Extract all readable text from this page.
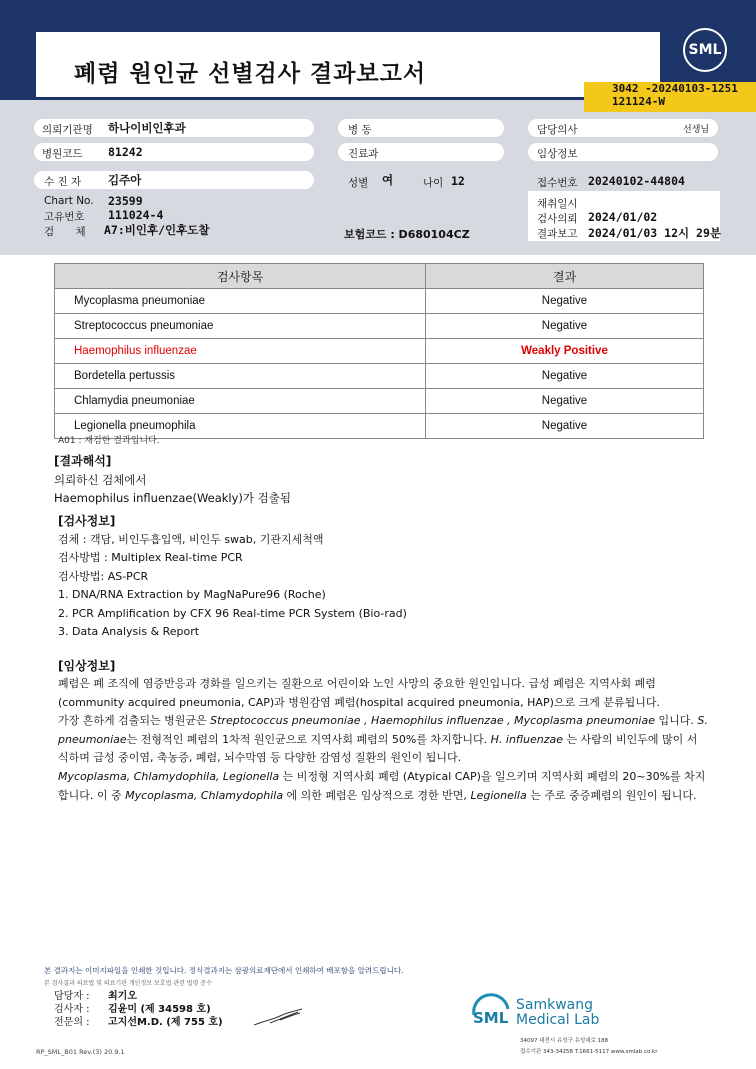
폐렴 원인균 선별검사 결과보고서
SML
3042 -20240103-1251
121124-W
의뢰기관명 하나이비인후과
병원코드 81242
수 진 자 김주아
Chart No. 23599
고유번호 111024-4
검 체 A7:비인후/인후도찰
병 동
진료과
성별 여	나이 12
보험코드 : D680104CZ
담당의사	선생님
임상정보
접수번호 20240102-44804
채취일시
검사의뢰 2024/01/02
결과보고 2024/01/03 12시 29분
검사항목	결과
Mycoplasma pneumoniae	Negative
Streptococcus pneumoniae	Negative
Haemophilus influenzae	Weakly Positive
Bordetella pertussis	Negative
Chlamydia pneumoniae	Negative
Legionella pneumophila	Negative
A01 : 재검한 결과입니다.
[결과해석]
의뢰하신 검체에서
Haemophilus influenzae(Weakly)가 검출됨
[검사정보]
검체 : 객담, 비인두흡입액, 비인두 swab, 기관지세척액
검사방법 : Multiplex Real-time PCR
검사방법: AS-PCR
1. DNA/RNA Extraction by MagNaPure96 (Roche)
2. PCR Amplification by CFX 96 Real-time PCR System (Bio-rad)
3. Data Analysis & Report
[임상정보]
폐렴은 폐 조직에 염증반응과 경화를 일으키는 질환으로 어린이와 노인 사망의 중요한 원인입니다. 급성 폐렴은 지역사회 폐렴 (community acquired pneumonia, CAP)과 병원감염 폐렴(hospital acquired pneumonia, HAP)으로 크게 분류됩니다.
가장 흔하게 검출되는 병원균은 Streptococcus pneumoniae , Haemophilus influenzae , Mycoplasma pneumoniae 입니다. S. pneumoniae는 전형적인 폐렴의 1차적 원인균으로 지역사회 폐렴의 50%를 차지합니다. H. influenzae 는 사람의 비인두에 많이 서식하며 급성 중이염, 축농증, 폐렴, 뇌수막염 등 다양한 감염성 질환의 원인이 됩니다.
Mycoplasma, Chlamydophila, Legionella 는 비정형 지역사회 폐렴 (Atypical CAP)을 일으키며 지역사회 폐렴의 20~30%를 차지합니다. 이 중 Mycoplasma, Chlamydophila 에 의한 폐렴은 임상적으로 경한 반면, Legionella 는 주로 중증폐렴의 원인이 됩니다.
본 결과지는 이미지파일을 인쇄한 것입니다. 정식결과지는 삼광의료재단에서 인쇄하여 배포함을 알려드립니다.
본 검사결과 의료법 및 의료기관 개인정보 보호법 관련 법령 준수
담당자 : 최기오
검사자 : 김윤미 (제 34598 호)
전문의 : 고지선M.D. (제 755 호)
RP_SML_B01 Rev.(3) 20.9.1
SML
Samkwang
Medical Lab
34097 대전시 유성구 유성대로 188
접수기관 343-34258 T.1661-5117 www.smlab.co.kr
